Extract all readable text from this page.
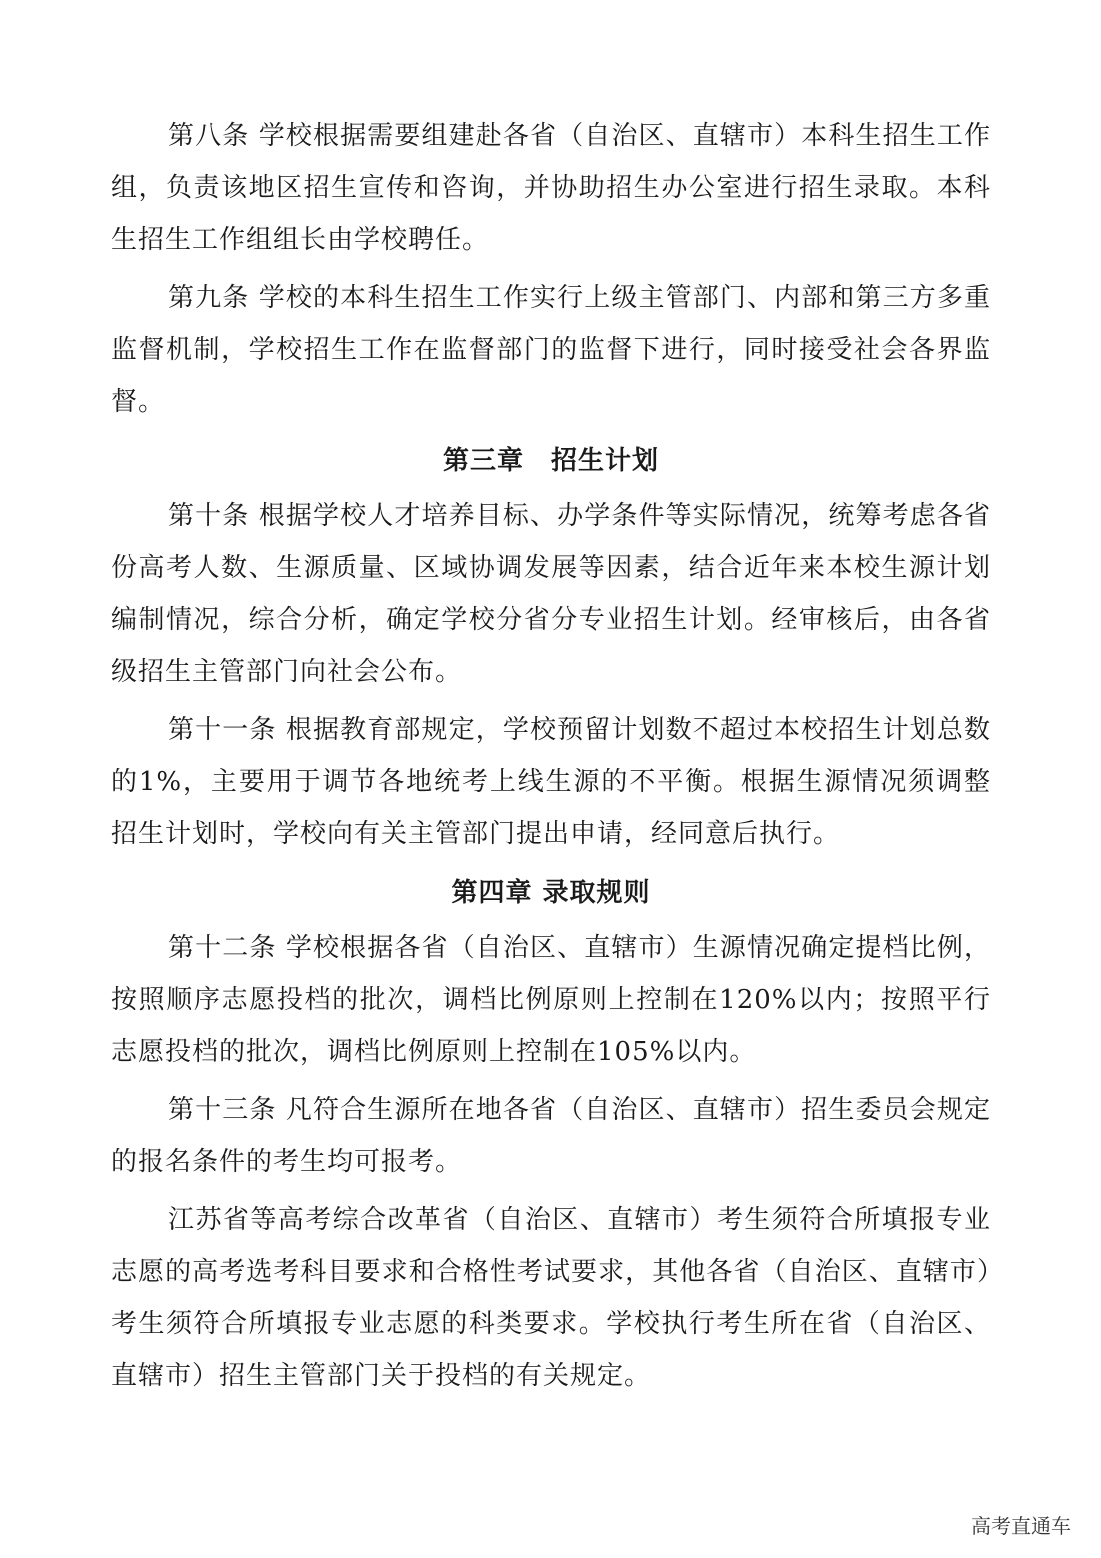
第八条 学校根据需要组建赴各省（自治区、直辖市）本科生招生工作组，负责该地区招生宣传和咨询，并协助招生办公室进行招生录取。本科生招生工作组组长由学校聘任。

第九条 学校的本科生招生工作实行上级主管部门、内部和第三方多重监督机制，学校招生工作在监督部门的监督下进行，同时接受社会各界监督。

第三章　招生计划

第十条 根据学校人才培养目标、办学条件等实际情况，统筹考虑各省份高考人数、生源质量、区域协调发展等因素，结合近年来本校生源计划编制情况，综合分析，确定学校分省分专业招生计划。经审核后，由各省级招生主管部门向社会公布。

第十一条 根据教育部规定，学校预留计划数不超过本校招生计划总数的1%，主要用于调节各地统考上线生源的不平衡。根据生源情况须调整招生计划时，学校向有关主管部门提出申请，经同意后执行。

第四章 录取规则

第十二条 学校根据各省（自治区、直辖市）生源情况确定提档比例，按照顺序志愿投档的批次，调档比例原则上控制在120%以内；按照平行志愿投档的批次，调档比例原则上控制在105%以内。

第十三条 凡符合生源所在地各省（自治区、直辖市）招生委员会规定的报名条件的考生均可报考。

江苏省等高考综合改革省（自治区、直辖市）考生须符合所填报专业志愿的高考选考科目要求和合格性考试要求，其他各省（自治区、直辖市）考生须符合所填报专业志愿的科类要求。学校执行考生所在省（自治区、直辖市）招生主管部门关于投档的有关规定。

高考直通车
